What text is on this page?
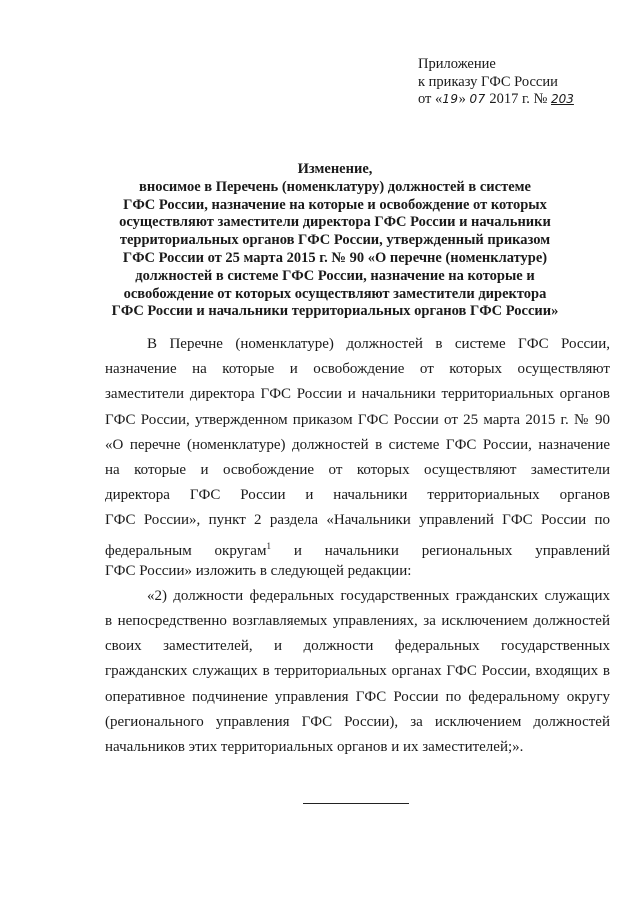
Приложение
к приказу ГФС России
от «19» 07 2017 г. № 203
Изменение,
вносимое в Перечень (номенклатуру) должностей в системе
ГФС России, назначение на которые и освобождение от которых
осуществляют заместители директора ГФС России и начальники
территориальных органов ГФС России, утвержденный приказом
ГФС России от 25 марта 2015 г. № 90 «О перечне (номенклатуре)
должностей в системе ГФС России, назначение на которые и
освобождение от которых осуществляют заместители директора
ГФС России и начальники территориальных органов ГФС России»
В Перечне (номенклатуре) должностей в системе ГФС России,
назначение на которые и освобождение от которых осуществляют
заместители директора ГФС России и начальники территориальных органов
ГФС России, утвержденном приказом ГФС России от 25 марта 2015 г. № 90
«О перечне (номенклатуре) должностей в системе ГФС России, назначение
на которые и освобождение от которых осуществляют заместители
директора ГФС России и начальники территориальных органов
ГФС России», пункт 2 раздела «Начальники управлений ГФС России по
федеральным округам$^1$ и начальники региональных управлений
ГФС России» изложить в следующей редакции:
«2) должности федеральных государственных гражданских служащих
в непосредственно возглавляемых управлениях, за исключением должностей
своих заместителей, и должности федеральных государственных
гражданских служащих в территориальных органах ГФС России, входящих в
оперативное подчинение управления ГФС России по федеральному округу
(регионального управления ГФС России), за исключением должностей
начальников этих территориальных органов и их заместителей;».
